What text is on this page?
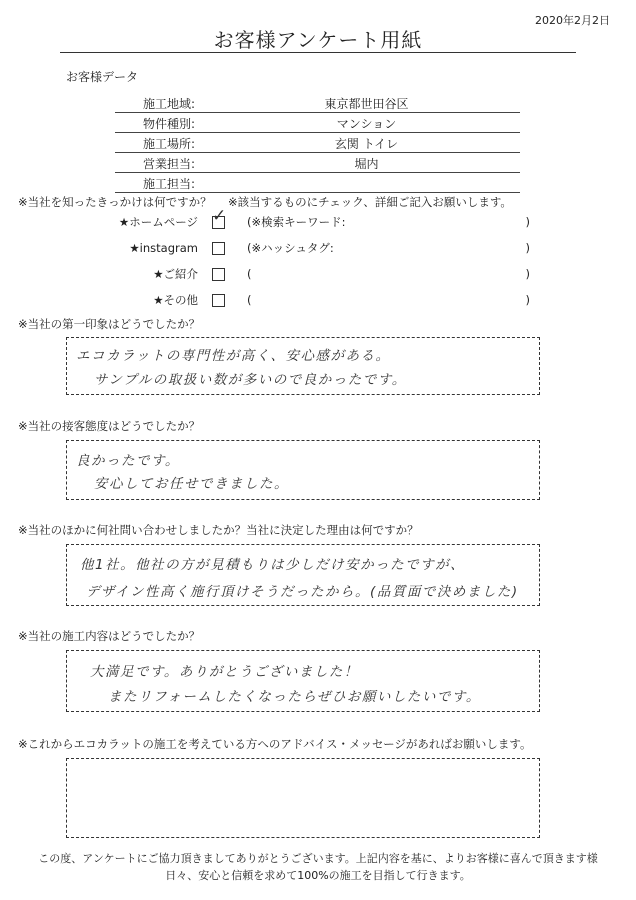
2020年2月2日
お客様アンケート用紙
お客様データ
施工地域:	東京都世田谷区
物件種別:	マンション
施工場所:	玄関 トイレ
営業担当:	堀内
施工担当:
※当社を知ったきっかけは何ですか？ ※該当するものにチェック、詳細ご記入お願いします。
★ホームページ ✓ (※検索キーワード:	)
★instagram	(※ハッシュタグ:	)
★ご紹介	(	)
★その他	(	)
※当社の第一印象はどうでしたか？
エコカラットの専門性が高く、安心感がある。
サンプルの取扱い数が多いので良かったです。
※当社の接客態度はどうでしたか？
良かったです。
安心してお任せできました。
※当社のほかに何社問い合わせしましたか？当社に決定した理由は何ですか？
他1社。他社の方が見積もりは少しだけ安かったですが、
デザイン性高く施行頂けそうだったから。(品質面で決めました)
※当社の施工内容はどうでしたか？
大満足です。ありがとうございました！
またリフォームしたくなったらぜひお願いしたいです。
※これからエコカラットの施工を考えている方へのアドバイス・メッセージがあればお願いします。
この度、アンケートにご協力頂きましてありがとうございます。上記内容を基に、よりお客様に喜んで頂きます様
日々、安心と信頼を求めて100%の施工を目指して行きます。
